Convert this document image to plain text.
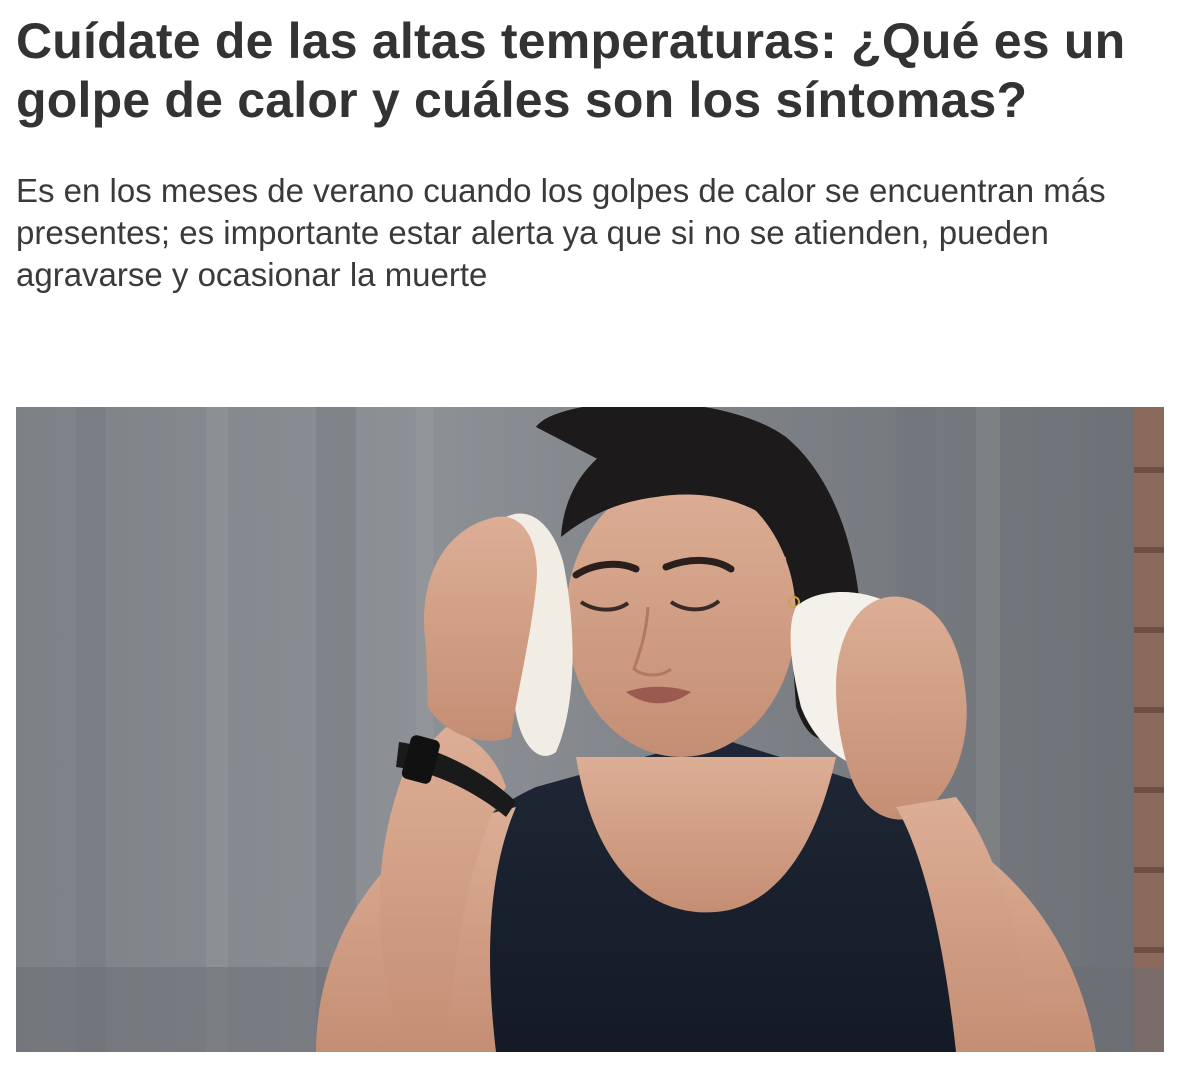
Cuídate de las altas temperaturas: ¿Qué es un golpe de calor y cuáles son los síntomas?

Es en los meses de verano cuando los golpes de calor se encuentran más presentes; es importante estar alerta ya que si no se atienden, pueden agravarse y ocasionar la muerte
